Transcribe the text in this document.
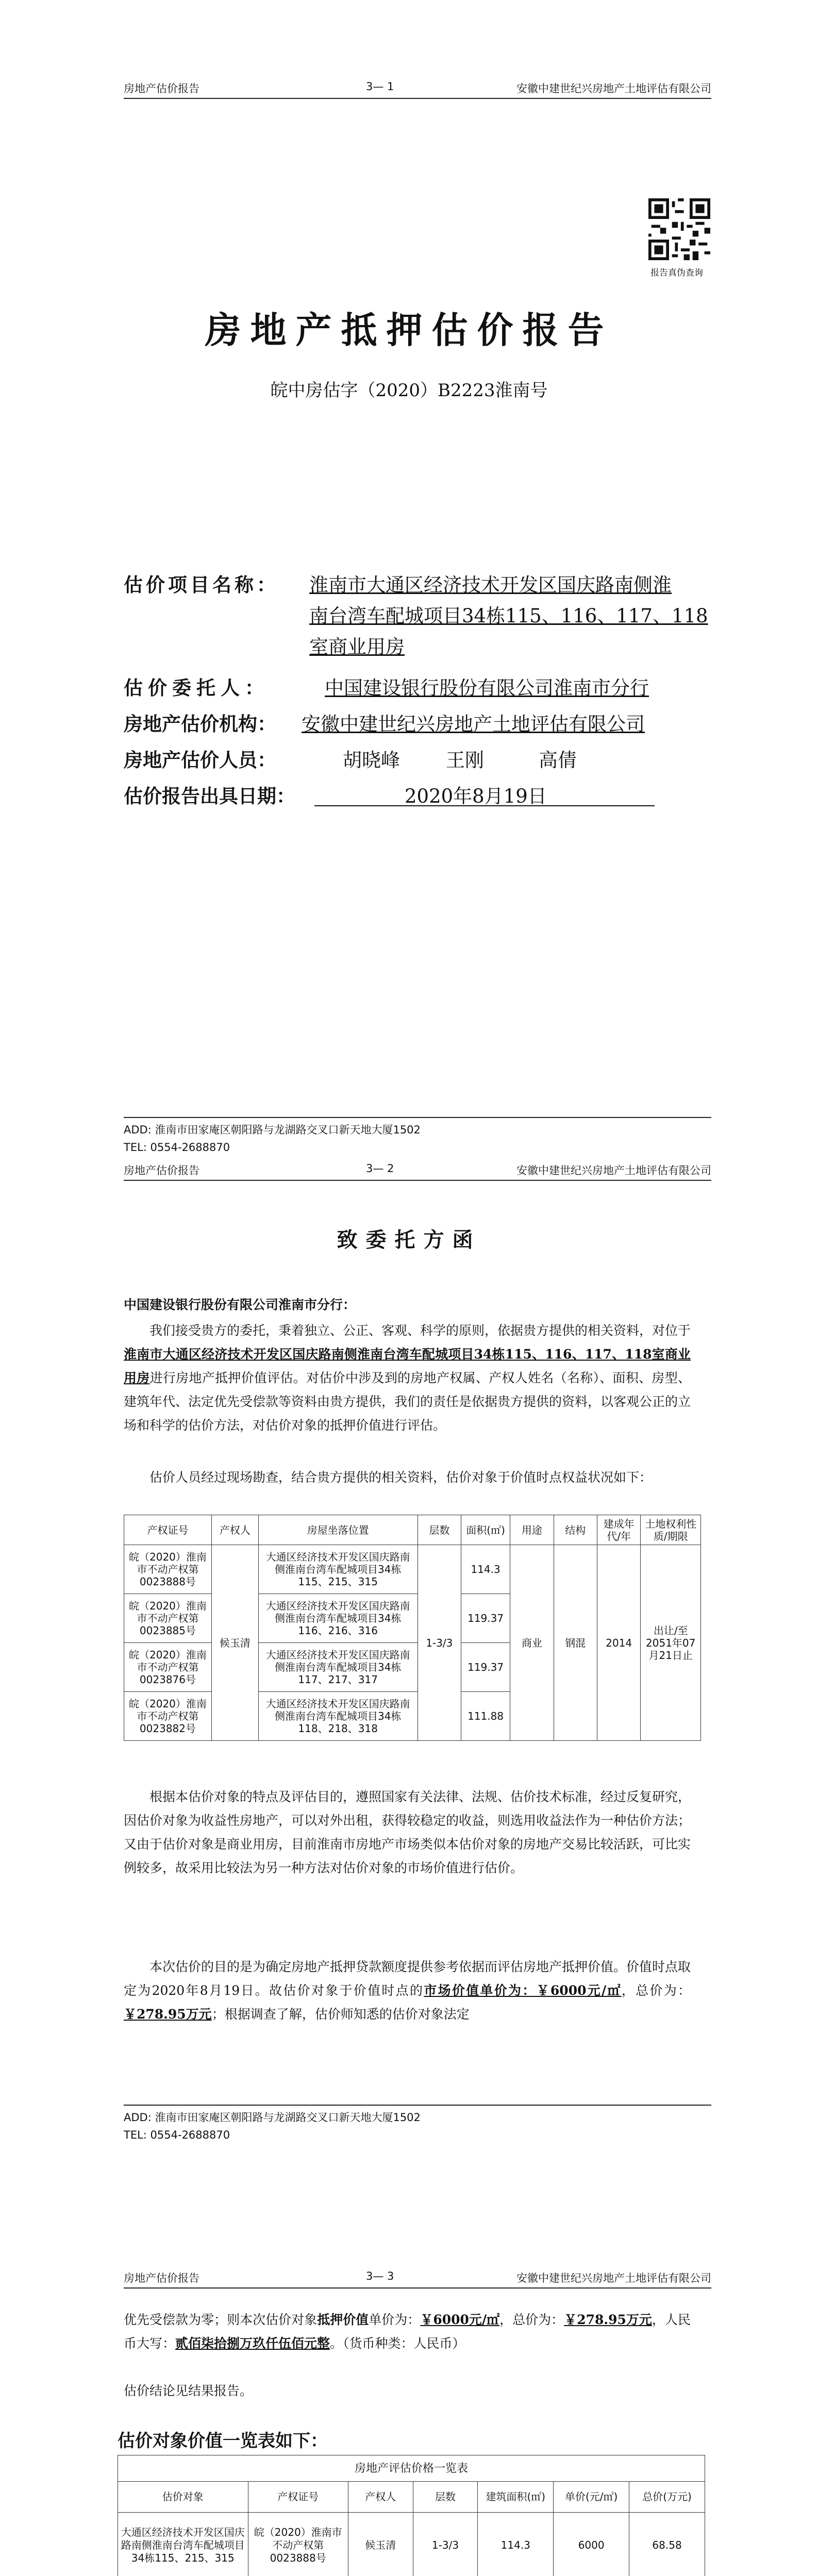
房地产估价报告	3— 1	安徽中建世纪兴房地产土地评估有限公司
报告真伪查询
房地产抵押估价报告
皖中房估字（2020）B2223淮南号
估价项目名称： 淮南市大通区经济技术开发区国庆路南侧淮
南台湾车配城项目34栋115、116、117、118
室商业用房
估价委托人：	中国建设银行股份有限公司淮南市分行
房地产估价机构： 安徽中建世纪兴房地产土地评估有限公司
房地产估价人员：	胡晓峰 王刚	高倩
估价报告出具日期：	2020年8月19日
ADD: 淮南市田家庵区朝阳路与龙湖路交叉口新天地大厦1502
TEL: 0554-2688870
房地产估价报告	3— 2	安徽中建世纪兴房地产土地评估有限公司
致委托方函
中国建设银行股份有限公司淮南市分行：
我们接受贵方的委托，秉着独立、公正、客观、科学的原则，依据贵方提供的相关资料，对位于淮南市大通区经济技术开发区国庆路南侧淮南台湾车配城项目34栋115、116、117、118室商业用房进行房地产抵押价值评估。对估价中涉及到的房地产权属、产权人姓名（名称）、面积、房型、建筑年代、法定优先受偿款等资料由贵方提供，我们的责任是依据贵方提供的资料，以客观公正的立场和科学的估价方法，对估价对象的抵押价值进行评估。
估价人员经过现场勘查，结合贵方提供的相关资料，估价对象于价值时点权益状况如下：
产权证号	产权人	房屋坐落位置	层数	面积(㎡)	用途	结构	建成年代/年	土地权利性质/期限
皖（2020）淮南市不动产权第0023888号	候玉清	大通区经济技术开发区国庆路南侧淮南台湾车配城项目34栋115、215、315	1-3/3	114.3	商业	钢混	2014	出让/至2051年07月21日止
皖（2020）淮南市不动产权第0023885号		大通区经济技术开发区国庆路南侧淮南台湾车配城项目34栋116、216、316		119.37				
皖（2020）淮南市不动产权第0023876号		大通区经济技术开发区国庆路南侧淮南台湾车配城项目34栋117、217、317		119.37				
皖（2020）淮南市不动产权第0023882号		大通区经济技术开发区国庆路南侧淮南台湾车配城项目34栋118、218、318		111.88				
根据本估价对象的特点及评估目的，遵照国家有关法律、法规、估价技术标准，经过反复研究，因估价对象为收益性房地产，可以对外出租，获得较稳定的收益，则选用收益法作为一种估价方法；又由于估价对象是商业用房，目前淮南市房地产市场类似本估价对象的房地产交易比较活跃，可比实例较多，故采用比较法为另一种方法对估价对象的市场价值进行估价。
本次估价的目的是为确定房地产抵押贷款额度提供参考依据而评估房地产抵押价值。价值时点取定为2020年8月19日。故估价对象于价值时点的市场价值单价为：￥6000元/㎡，总价为：￥278.95万元；根据调查了解，估价师知悉的估价对象法定
ADD: 淮南市田家庵区朝阳路与龙湖路交叉口新天地大厦1502
TEL: 0554-2688870
房地产估价报告	3— 3	安徽中建世纪兴房地产土地评估有限公司
优先受偿款为零；则本次估价对象抵押价值单价为：￥6000元/㎡，总价为：￥278.95万元，人民币大写：贰佰柒拾捌万玖仟伍佰元整。（货币种类：人民币）
估价结论见结果报告。
估价对象价值一览表如下：
房地产评估价格一览表						
估价对象	产权证号	产权人	层数	建筑面积(㎡)	单价(元/㎡)	总价(万元)
大通区经济技术开发区国庆路南侧淮南台湾车配城项目34栋115、215、315	皖（2020）淮南市不动产权第0023888号	候玉清	1-3/3	114.3	6000	68.58
